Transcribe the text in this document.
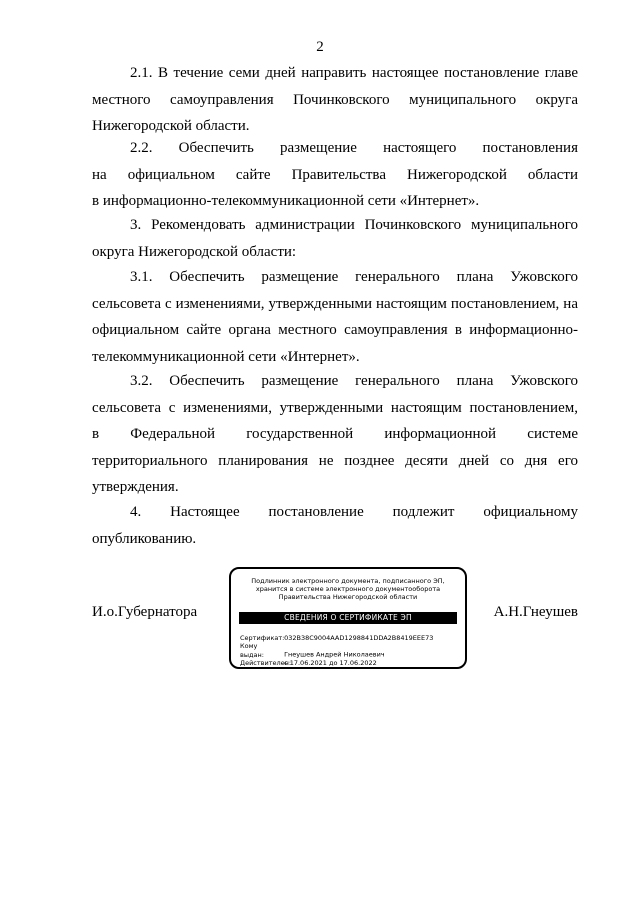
2
2.1. В течение семи дней направить настоящее постановление главе
местного самоуправления Починковского муниципального округа
Нижегородской области.
2.2. Обеспечить размещение настоящего постановления
на официальном сайте Правительства Нижегородской области
в информационно-телекоммуникационной сети «Интернет».
3. Рекомендовать администрации Починковского муниципального
округа Нижегородской области:
3.1. Обеспечить размещение генерального плана Ужовского
сельсовета с изменениями, утвержденными настоящим постановлением, на
официальном сайте органа местного самоуправления в информационно-
телекоммуникационной сети «Интернет».
3.2. Обеспечить размещение генерального плана Ужовского
сельсовета с изменениями, утвержденными настоящим постановлением,
в Федеральной государственной информационной системе
территориального планирования не позднее десяти дней со дня его
утверждения.
4. Настоящее постановление подлежит официальному
опубликованию.
И.о.Губернатора	А.Н.Гнеушев
Подлинник электронного документа, подписанного ЭП,
хранится в системе электронного документооборота
Правительства Нижегородской области
СВЕДЕНИЯ О СЕРТИФИКАТЕ ЭП
Сертификат: 032B38C9004AAD1298841DDA2B8419EEE73
Кому выдан:	Гнеушев Андрей Николаевич
Действителен: с 17.06.2021 до 17.06.2022
